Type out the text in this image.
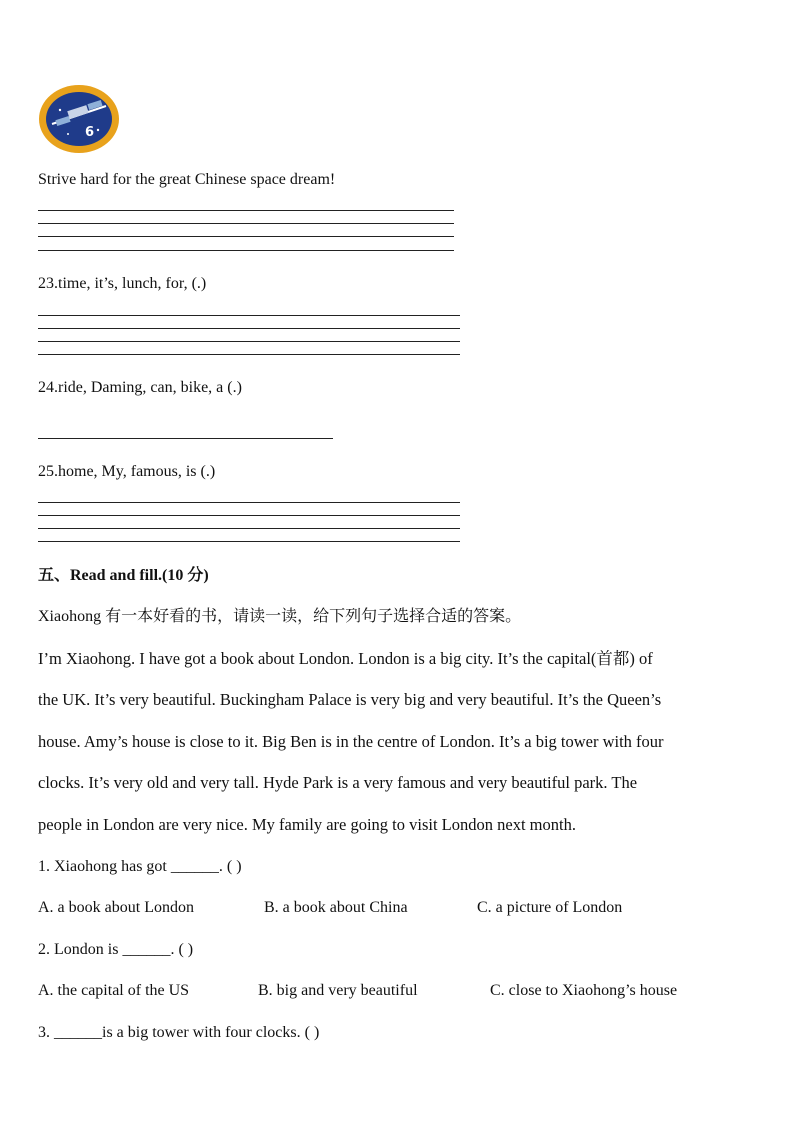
6
Strive hard for the great Chinese space dream!
23.time, it’s, lunch, for, (.)
24.ride, Daming, can, bike, a (.)
25.home, My, famous, is (.)
五、Read and fill.(10 分)
Xiaohong 有一本好看的书，请读一读，给下列句子选择合适的答案。
I’m Xiaohong. I have got a book about London. London is a big city. It’s the capital(首都) of
the UK. It’s very beautiful. Buckingham Palace is very big and very beautiful. It’s the Queen’s
house. Amy’s house is close to it. Big Ben is in the centre of London. It’s a big tower with four
clocks. It’s very old and very tall. Hyde Park is a very famous and very beautiful park. The
people in London are very nice. My family are going to visit London next month.
1. Xiaohong has got ______. ( )
A. a book about London	B. a book about China	C. a picture of London
2. London is ______. ( )
A. the capital of the US	B. big and very beautiful	C. close to Xiaohong’s house
3. ______is a big tower with four clocks. ( )
